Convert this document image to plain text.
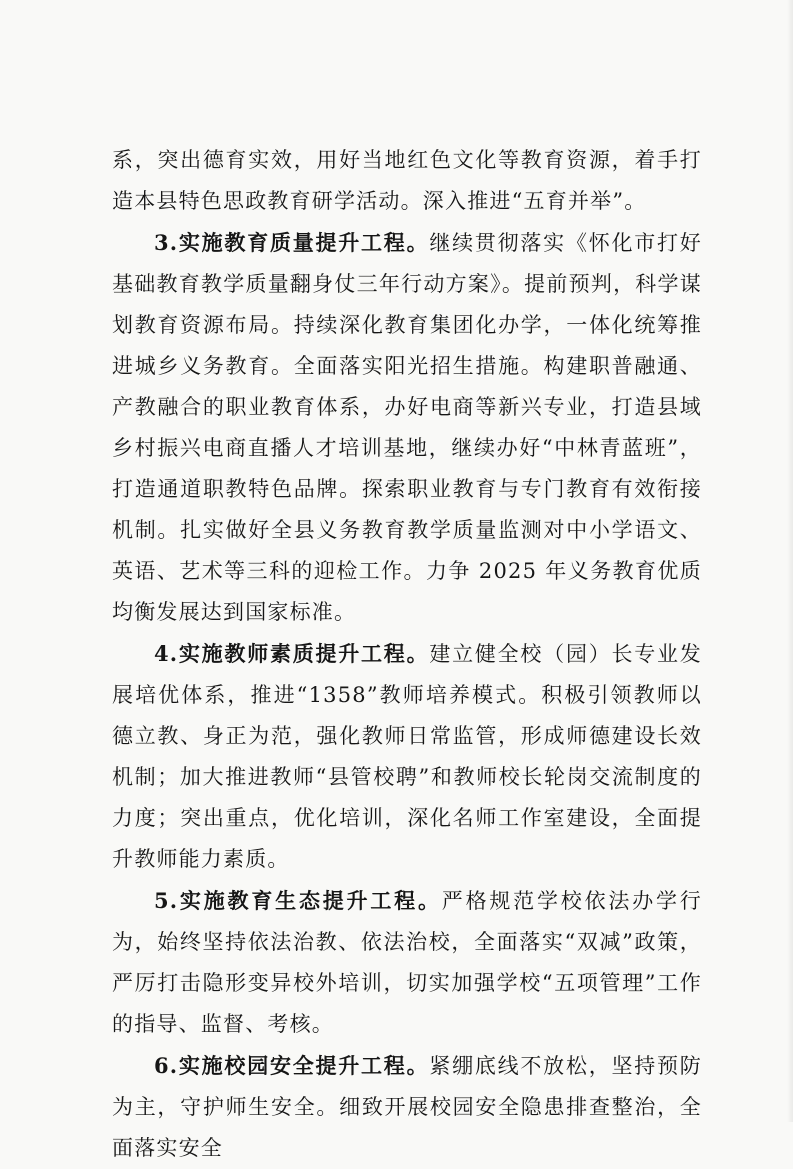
系，突出德育实效，用好当地红色文化等教育资源，着手打造本县特色思政教育研学活动。深入推进“五育并举”。

3.实施教育质量提升工程。继续贯彻落实《怀化市打好基础教育教学质量翻身仗三年行动方案》。提前预判，科学谋划教育资源布局。持续深化教育集团化办学，一体化统筹推进城乡义务教育。全面落实阳光招生措施。构建职普融通、产教融合的职业教育体系，办好电商等新兴专业，打造县域乡村振兴电商直播人才培训基地，继续办好“中林青蓝班”，打造通道职教特色品牌。探索职业教育与专门教育有效衔接机制。扎实做好全县义务教育教学质量监测对中小学语文、英语、艺术等三科的迎检工作。力争 2025 年义务教育优质均衡发展达到国家标准。

4.实施教师素质提升工程。建立健全校（园）长专业发展培优体系，推进“1358”教师培养模式。积极引领教师以德立教、身正为范，强化教师日常监管，形成师德建设长效机制；加大推进教师“县管校聘”和教师校长轮岗交流制度的力度；突出重点，优化培训，深化名师工作室建设，全面提升教师能力素质。

5.实施教育生态提升工程。严格规范学校依法办学行为，始终坚持依法治教、依法治校，全面落实“双减”政策，严厉打击隐形变异校外培训，切实加强学校“五项管理”工作的指导、监督、考核。

6.实施校园安全提升工程。紧绷底线不放松，坚持预防为主，守护师生安全。细致开展校园安全隐患排查整治，全面落实安全
